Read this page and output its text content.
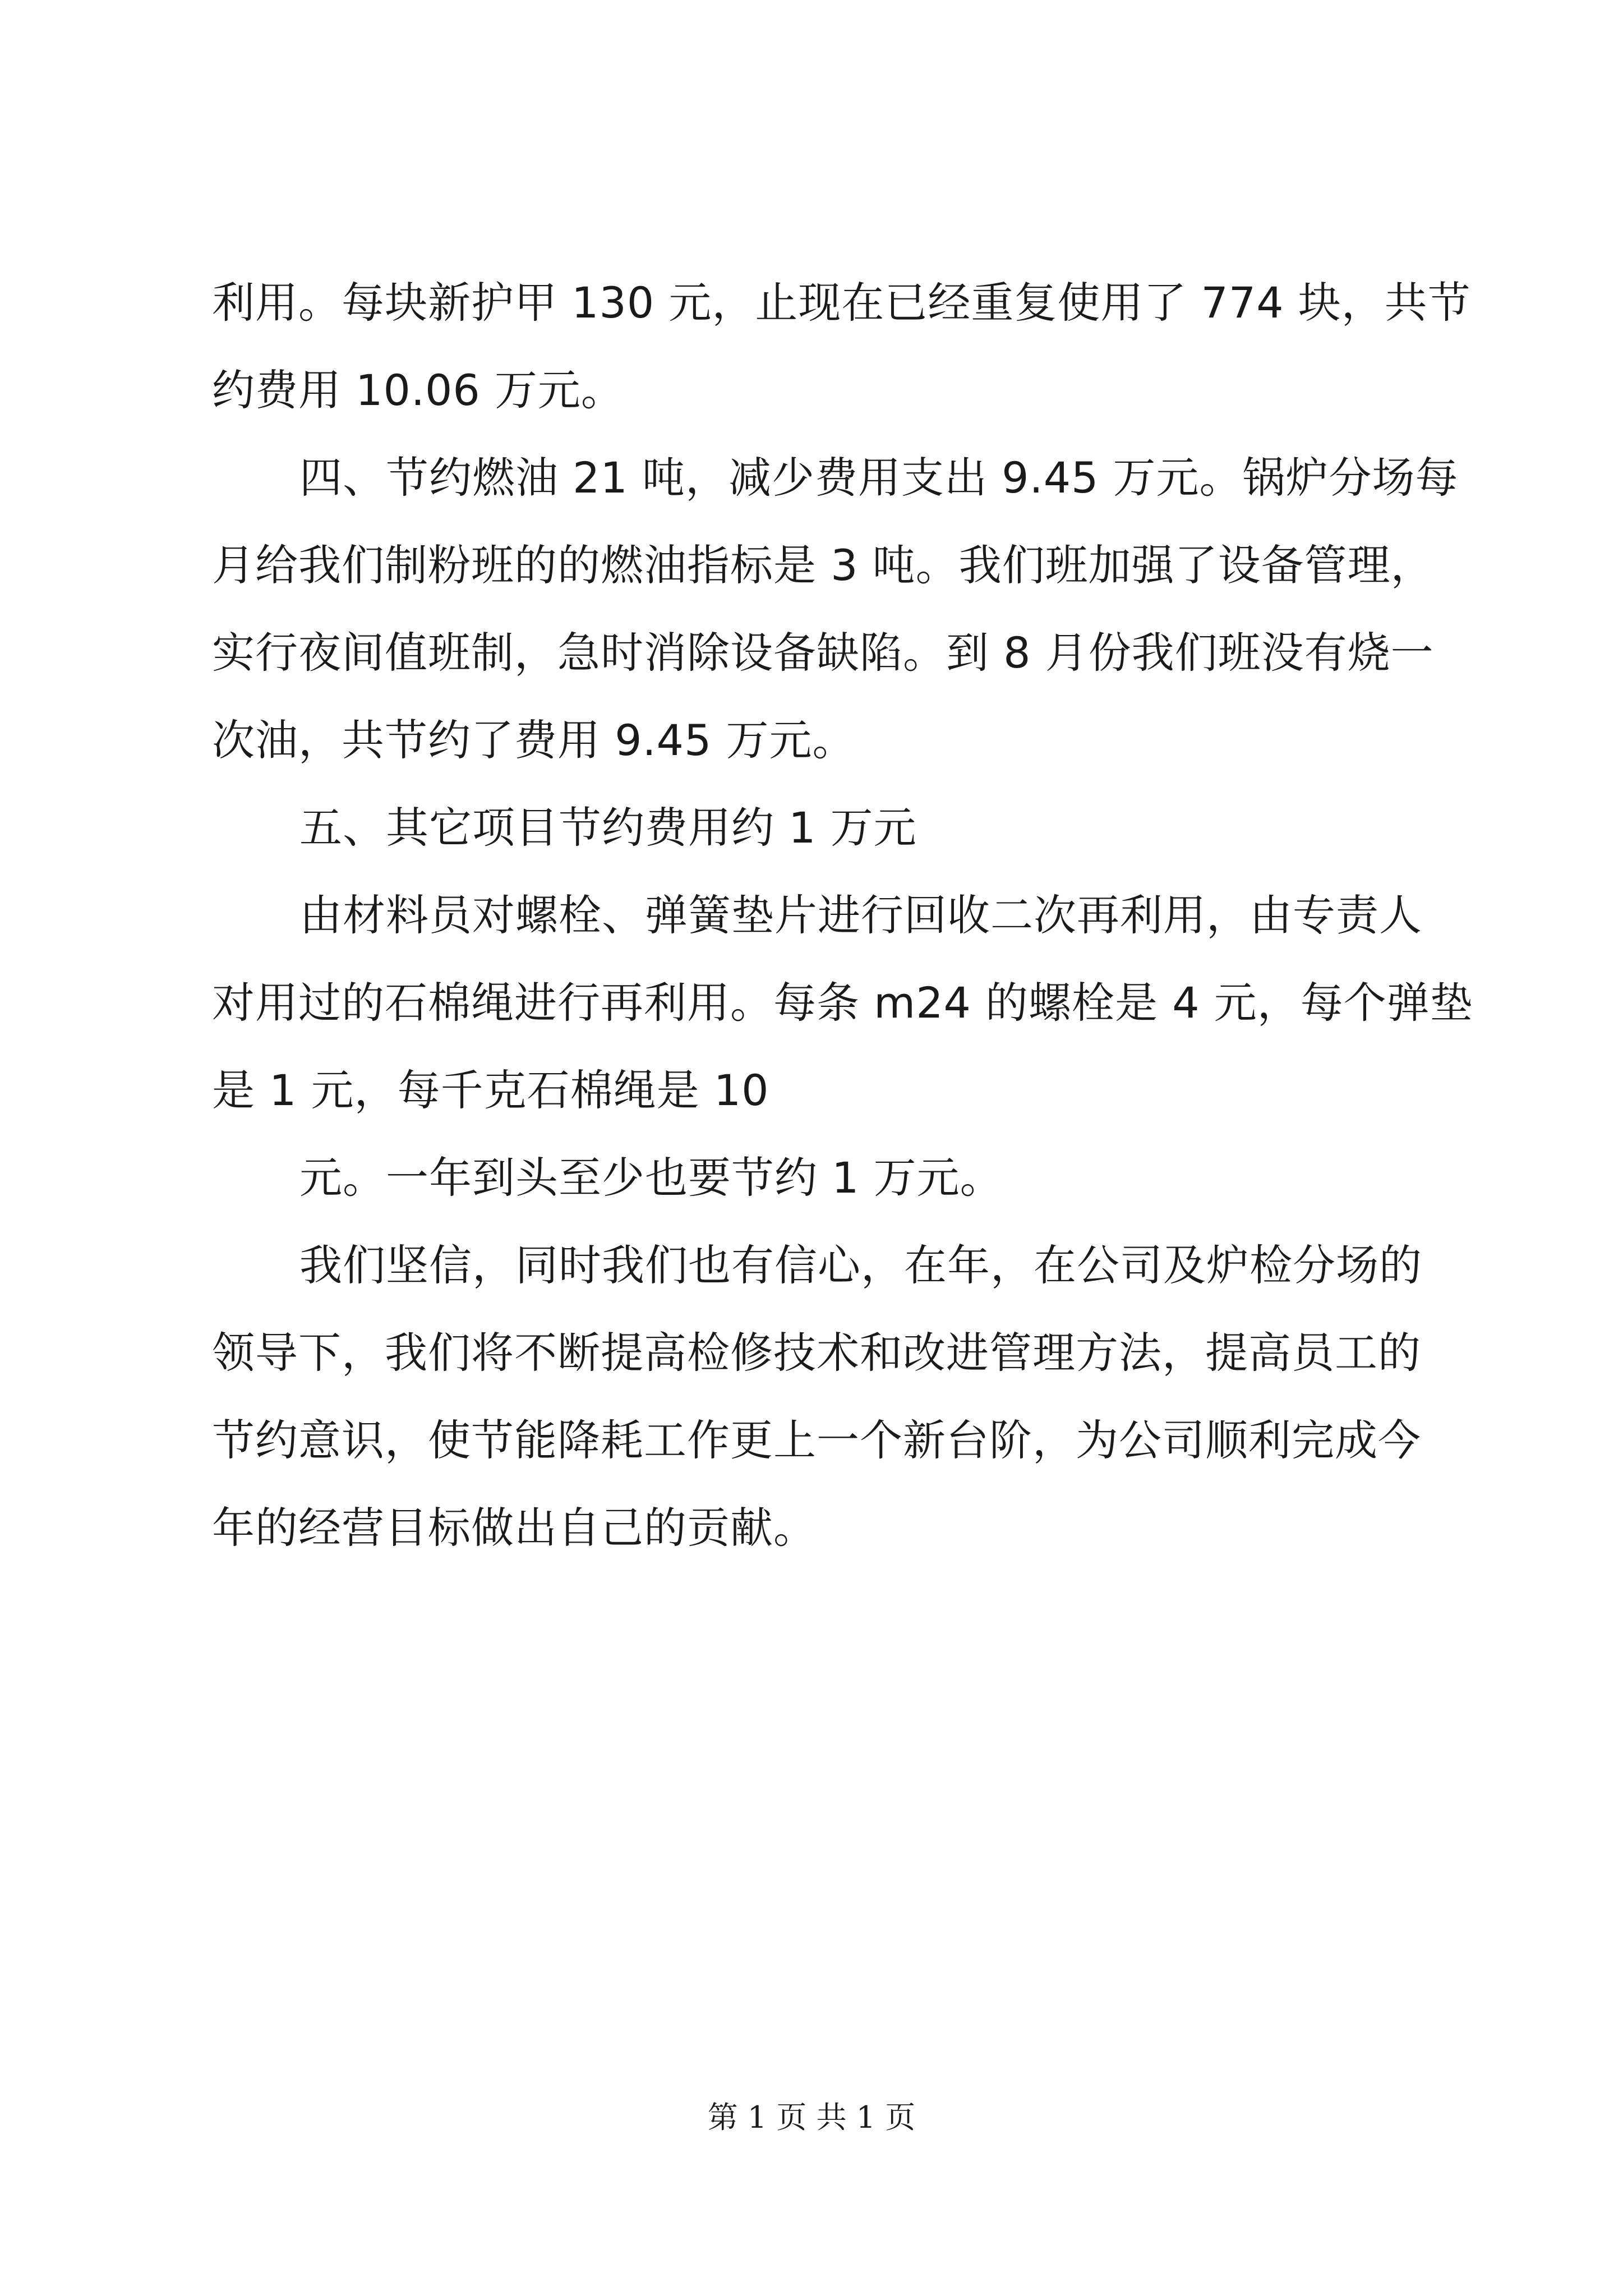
利用。每块新护甲 130 元，止现在已经重复使用了 774 块，共节
约费用 10.06 万元。
四、节约燃油 21 吨，减少费用支出 9.45 万元。锅炉分场每
月给我们制粉班的的燃油指标是 3 吨。我们班加强了设备管理，
实行夜间值班制，急时消除设备缺陷。到 8 月份我们班没有烧一
次油，共节约了费用 9.45 万元。
五、其它项目节约费用约 1 万元
由材料员对螺栓、弹簧垫片进行回收二次再利用，由专责人
对用过的石棉绳进行再利用。每条 m24 的螺栓是 4 元，每个弹垫
是 1 元，每千克石棉绳是 10
元。一年到头至少也要节约 1 万元。
我们坚信，同时我们也有信心，在年，在公司及炉检分场的
领导下，我们将不断提高检修技术和改进管理方法，提高员工的
节约意识，使节能降耗工作更上一个新台阶，为公司顺利完成今
年的经营目标做出自己的贡献。
第 1 页 共 1 页
